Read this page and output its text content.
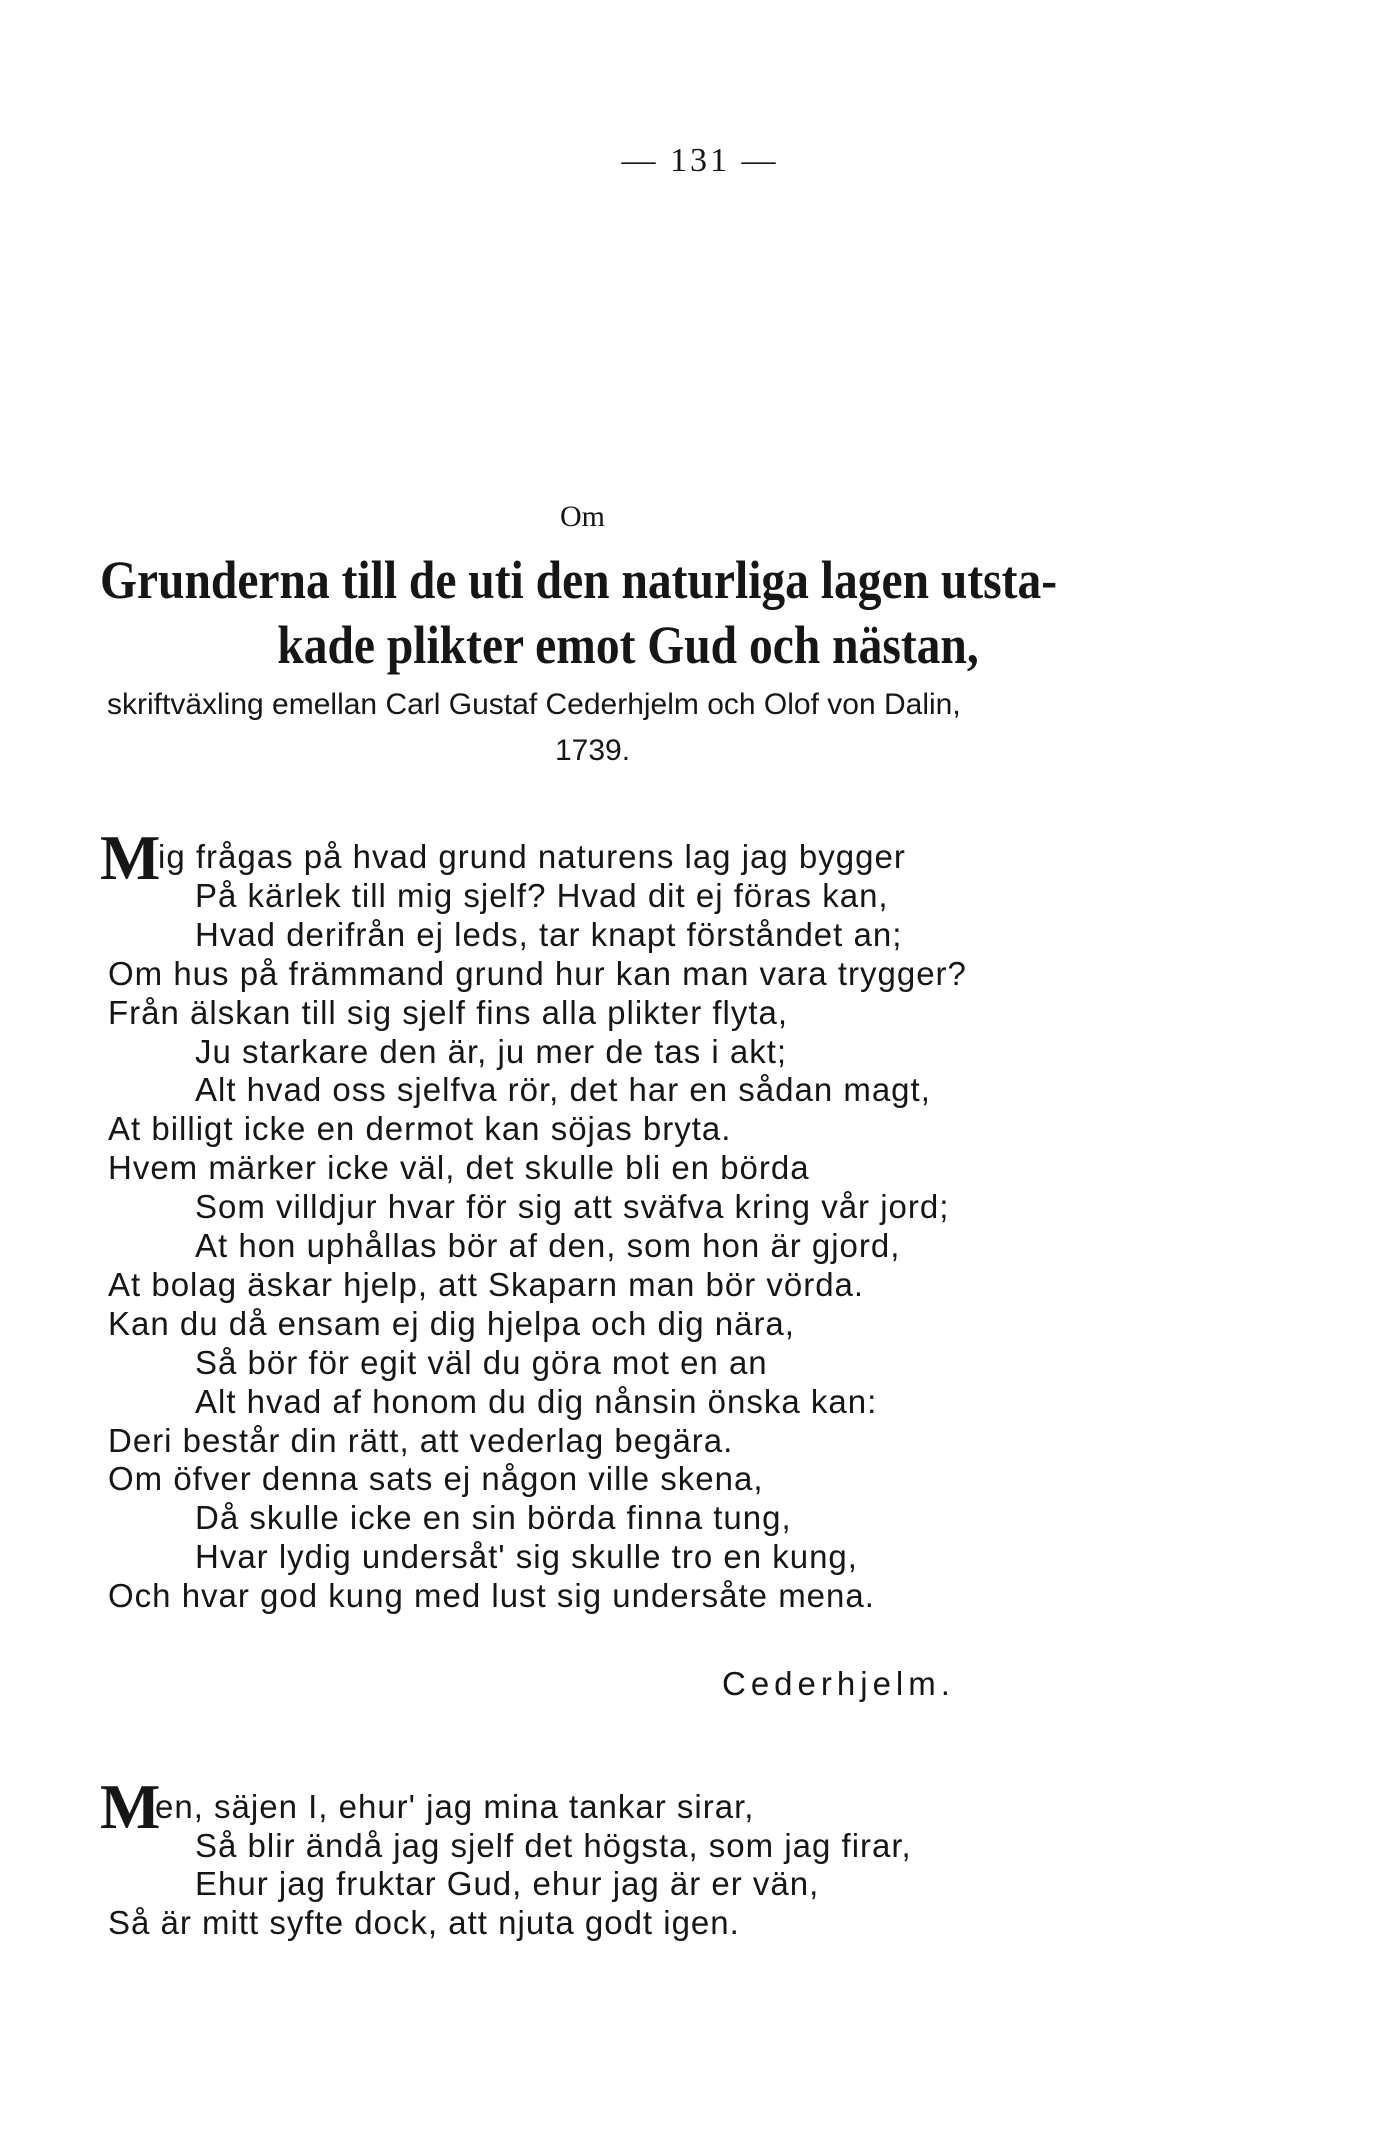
— 131 —
Om
Grunderna till de uti den naturliga lagen utsta-
kade plikter emot Gud och nästan,
skriftväxling emellan Carl Gustaf Cederhjelm och Olof von Dalin,
1739.
M
ig frågas på hvad grund naturens lag jag bygger
På kärlek till mig sjelf? Hvad dit ej föras kan,
Hvad derifrån ej leds, tar knapt förståndet an;
Om hus på främmand grund hur kan man vara trygger?
Från älskan till sig sjelf fins alla plikter flyta,
Ju starkare den är, ju mer de tas i akt;
Alt hvad oss sjelfva rör, det har en sådan magt,
At billigt icke en dermot kan söjas bryta.
Hvem märker icke väl, det skulle bli en börda
Som villdjur hvar för sig att sväfva kring vår jord;
At hon uphållas bör af den, som hon är gjord,
At bolag äskar hjelp, att Skaparn man bör vörda.
Kan du då ensam ej dig hjelpa och dig nära,
Så bör för egit väl du göra mot en an
Alt hvad af honom du dig nånsin önska kan:
Deri består din rätt, att vederlag begära.
Om öfver denna sats ej någon ville skena,
Då skulle icke en sin börda finna tung,
Hvar lydig undersåt' sig skulle tro en kung,
Och hvar god kung med lust sig undersåte mena.
Cederhjelm.
M
en, säjen I, ehur' jag mina tankar sirar,
Så blir ändå jag sjelf det högsta, som jag firar,
Ehur jag fruktar Gud, ehur jag är er vän,
Så är mitt syfte dock, att njuta godt igen.
